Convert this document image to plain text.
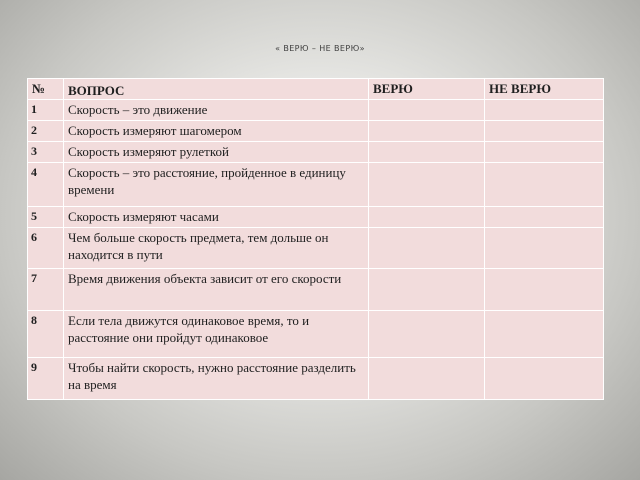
« ВЕРЮ – НЕ ВЕРЮ»
№	ВОПРОС	ВЕРЮ	НЕ ВЕРЮ
1	Скорость – это движение		
2	Скорость измеряют шагомером		
3	Скорость измеряют рулеткой		
4	Скорость – это расстояние, пройденное в единицу времени		
5	Скорость измеряют часами		
6	Чем больше скорость предмета, тем дольше он находится в пути		
7	Время движения объекта зависит от его скорости		
8	Если тела движутся одинаковое время, то и расстояние они пройдут одинаковое		
9	Чтобы найти скорость, нужно расстояние разделить на время		
